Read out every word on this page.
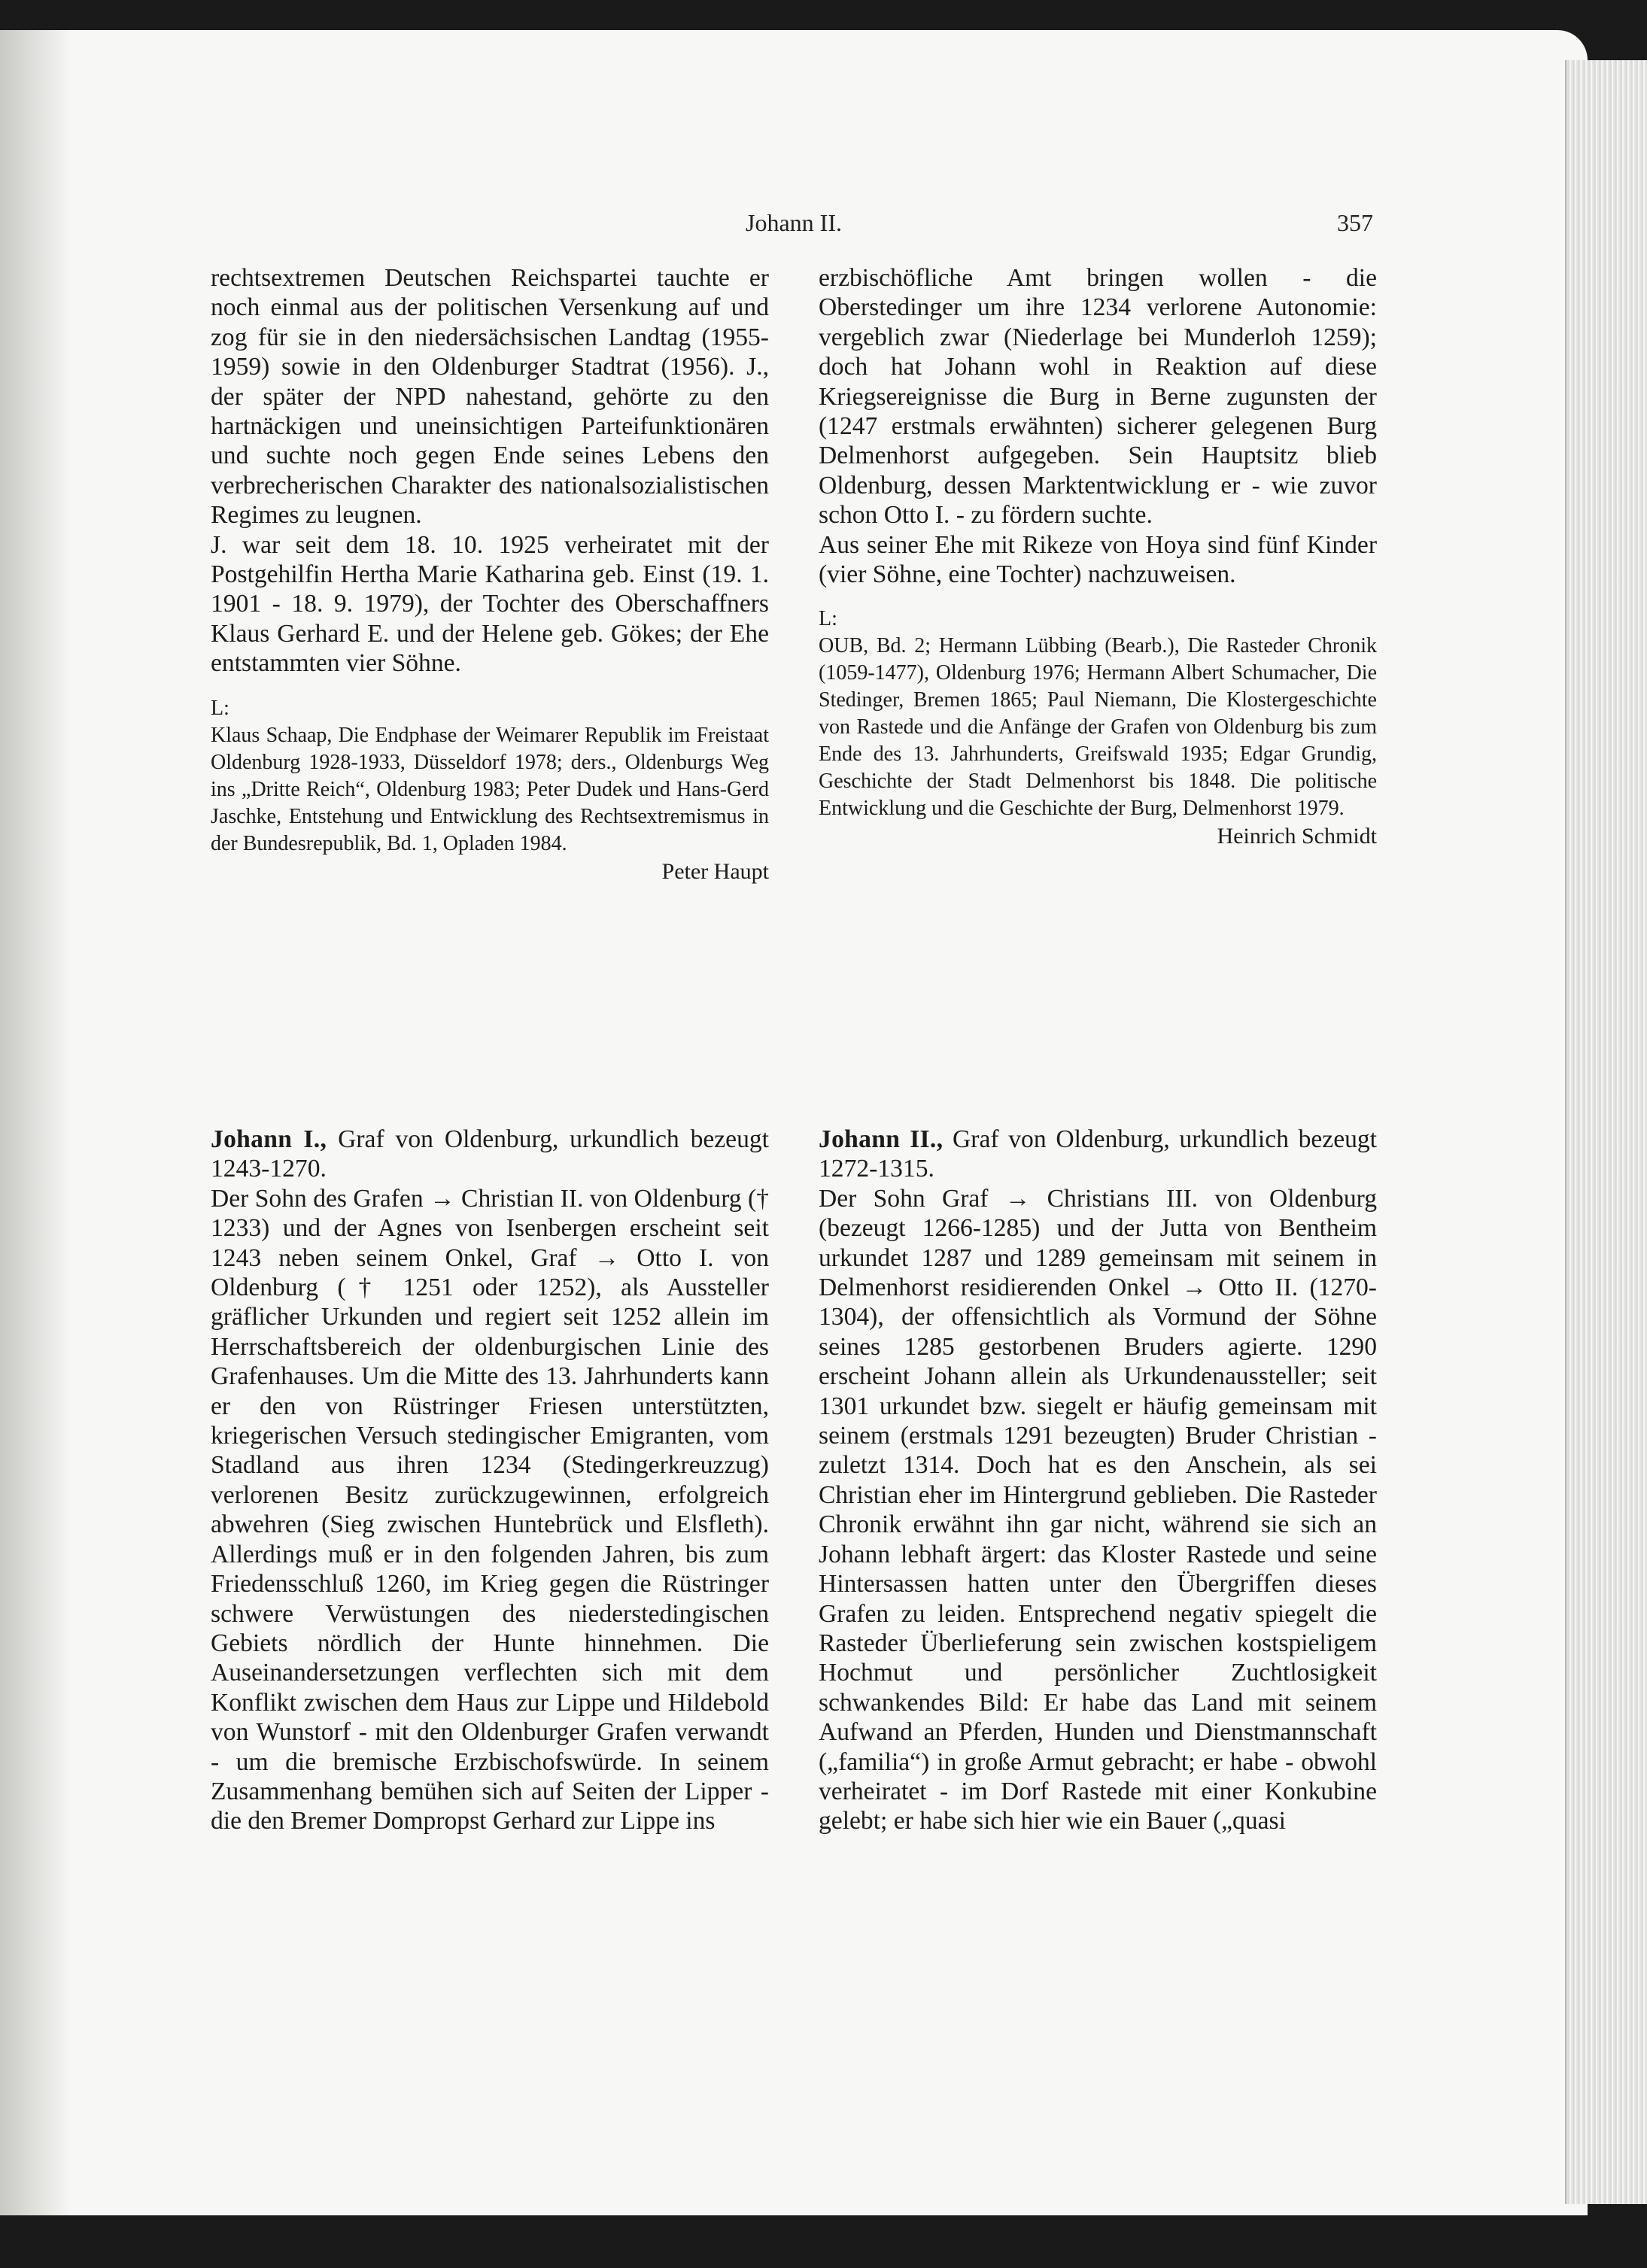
Johann II.	357

rechtsextremen Deutschen Reichspartei tauchte er noch einmal aus der politischen Versenkung auf und zog für sie in den niedersächsischen Landtag (1955-1959) sowie in den Oldenburger Stadtrat (1956). J., der später der NPD nahestand, gehörte zu den hartnäckigen und uneinsichtigen Parteifunktionären und suchte noch gegen Ende seines Lebens den verbrecherischen Charakter des nationalsozialistischen Regimes zu leugnen.

J. war seit dem 18. 10. 1925 verheiratet mit der Postgehilfin Hertha Marie Katharina geb. Einst (19. 1. 1901 - 18. 9. 1979), der Tochter des Oberschaffners Klaus Gerhard E. und der Helene geb. Gökes; der Ehe entstammten vier Söhne.

L:

Klaus Schaap, Die Endphase der Weimarer Republik im Freistaat Oldenburg 1928-1933, Düsseldorf 1978; ders., Oldenburgs Weg ins „Dritte Reich“, Oldenburg 1983; Peter Dudek und Hans-Gerd Jaschke, Entstehung und Entwicklung des Rechtsextremismus in der Bundesrepublik, Bd. 1, Opladen 1984.

Peter Haupt

erzbischöfliche Amt bringen wollen - die Oberstedinger um ihre 1234 verlorene Autonomie: vergeblich zwar (Niederlage bei Munderloh 1259); doch hat Johann wohl in Reaktion auf diese Kriegsereignisse die Burg in Berne zugunsten der (1247 erstmals erwähnten) sicherer gelegenen Burg Delmenhorst aufgegeben. Sein Hauptsitz blieb Oldenburg, dessen Marktentwicklung er - wie zuvor schon Otto I. - zu fördern suchte.

Aus seiner Ehe mit Rikeze von Hoya sind fünf Kinder (vier Söhne, eine Tochter) nachzuweisen.

L:

OUB, Bd. 2; Hermann Lübbing (Bearb.), Die Rasteder Chronik (1059-1477), Oldenburg 1976; Hermann Albert Schumacher, Die Stedinger, Bremen 1865; Paul Niemann, Die Klostergeschichte von Rastede und die Anfänge der Grafen von Oldenburg bis zum Ende des 13. Jahrhunderts, Greifswald 1935; Edgar Grundig, Geschichte der Stadt Delmenhorst bis 1848. Die politische Entwicklung und die Geschichte der Burg, Delmenhorst 1979.

Heinrich Schmidt

Johann I., Graf von Oldenburg, urkundlich bezeugt 1243-1270.

Der Sohn des Grafen → Christian II. von Oldenburg († 1233) und der Agnes von Isenbergen erscheint seit 1243 neben seinem Onkel, Graf → Otto I. von Oldenburg († 1251 oder 1252), als Aussteller gräflicher Urkunden und regiert seit 1252 allein im Herrschaftsbereich der oldenburgischen Linie des Grafenhauses. Um die Mitte des 13. Jahrhunderts kann er den von Rüstringer Friesen unterstützten, kriegerischen Versuch stedingischer Emigranten, vom Stadland aus ihren 1234 (Stedingerkreuzzug) verlorenen Besitz zurückzugewinnen, erfolgreich abwehren (Sieg zwischen Huntebrück und Elsfleth). Allerdings muß er in den folgenden Jahren, bis zum Friedensschluß 1260, im Krieg gegen die Rüstringer schwere Verwüstungen des niederstedingischen Gebiets nördlich der Hunte hinnehmen. Die Auseinandersetzungen verflechten sich mit dem Konflikt zwischen dem Haus zur Lippe und Hildebold von Wunstorf - mit den Oldenburger Grafen verwandt - um die bremische Erzbischofswürde. In seinem Zusammenhang bemühen sich auf Seiten der Lipper - die den Bremer Dompropst Gerhard zur Lippe ins

Johann II., Graf von Oldenburg, urkundlich bezeugt 1272-1315.

Der Sohn Graf → Christians III. von Oldenburg (bezeugt 1266-1285) und der Jutta von Bentheim urkundet 1287 und 1289 gemeinsam mit seinem in Delmenhorst residierenden Onkel → Otto II. (1270-1304), der offensichtlich als Vormund der Söhne seines 1285 gestorbenen Bruders agierte. 1290 erscheint Johann allein als Urkundenaussteller; seit 1301 urkundet bzw. siegelt er häufig gemeinsam mit seinem (erstmals 1291 bezeugten) Bruder Christian - zuletzt 1314. Doch hat es den Anschein, als sei Christian eher im Hintergrund geblieben. Die Rasteder Chronik erwähnt ihn gar nicht, während sie sich an Johann lebhaft ärgert: das Kloster Rastede und seine Hintersassen hatten unter den Übergriffen dieses Grafen zu leiden. Entsprechend negativ spiegelt die Rasteder Überlieferung sein zwischen kostspieligem Hochmut und persönlicher Zuchtlosigkeit schwankendes Bild: Er habe das Land mit seinem Aufwand an Pferden, Hunden und Dienstmannschaft („familia“) in große Armut gebracht; er habe - obwohl verheiratet - im Dorf Rastede mit einer Konkubine gelebt; er habe sich hier wie ein Bauer („quasi
